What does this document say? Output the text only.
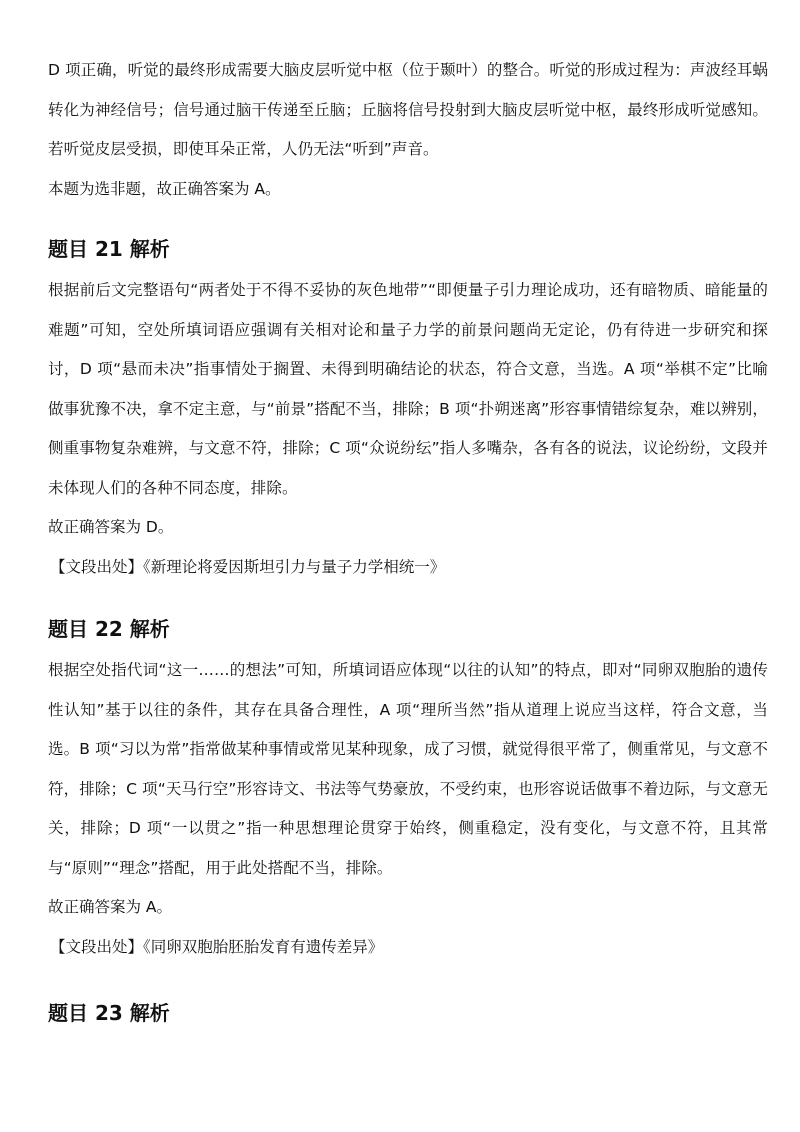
D 项正确，听觉的最终形成需要大脑皮层听觉中枢（位于颞叶）的整合。听觉的形成过程为：声波经耳蜗转化为神经信号；信号通过脑干传递至丘脑；丘脑将信号投射到大脑皮层听觉中枢，最终形成听觉感知。若听觉皮层受损，即使耳朵正常，人仍无法“听到”声音。

本题为选非题，故正确答案为 A。

题目 21 解析

根据前后文完整语句“两者处于不得不妥协的灰色地带”“即便量子引力理论成功，还有暗物质、暗能量的难题”可知，空处所填词语应强调有关相对论和量子力学的前景问题尚无定论，仍有待进一步研究和探讨，D 项“悬而未决”指事情处于搁置、未得到明确结论的状态，符合文意，当选。A 项“举棋不定”比喻做事犹豫不决，拿不定主意，与“前景”搭配不当，排除；B 项“扑朔迷离”形容事情错综复杂，难以辨别，侧重事物复杂难辨，与文意不符，排除；C 项“众说纷纭”指人多嘴杂，各有各的说法，议论纷纷，文段并未体现人们的各种不同态度，排除。

故正确答案为 D。

【文段出处】《新理论将爱因斯坦引力与量子力学相统一》

题目 22 解析

根据空处指代词“这一……的想法”可知，所填词语应体现“以往的认知”的特点，即对“同卵双胞胎的遗传性认知”基于以往的条件，其存在具备合理性，A 项“理所当然”指从道理上说应当这样，符合文意，当选。B 项“习以为常”指常做某种事情或常见某种现象，成了习惯，就觉得很平常了，侧重常见，与文意不符，排除；C 项“天马行空”形容诗文、书法等气势豪放，不受约束，也形容说话做事不着边际，与文意无关，排除；D 项“一以贯之”指一种思想理论贯穿于始终，侧重稳定，没有变化，与文意不符，且其常与“原则”“理念”搭配，用于此处搭配不当，排除。

故正确答案为 A。

【文段出处】《同卵双胞胎胚胎发育有遗传差异》

题目 23 解析
